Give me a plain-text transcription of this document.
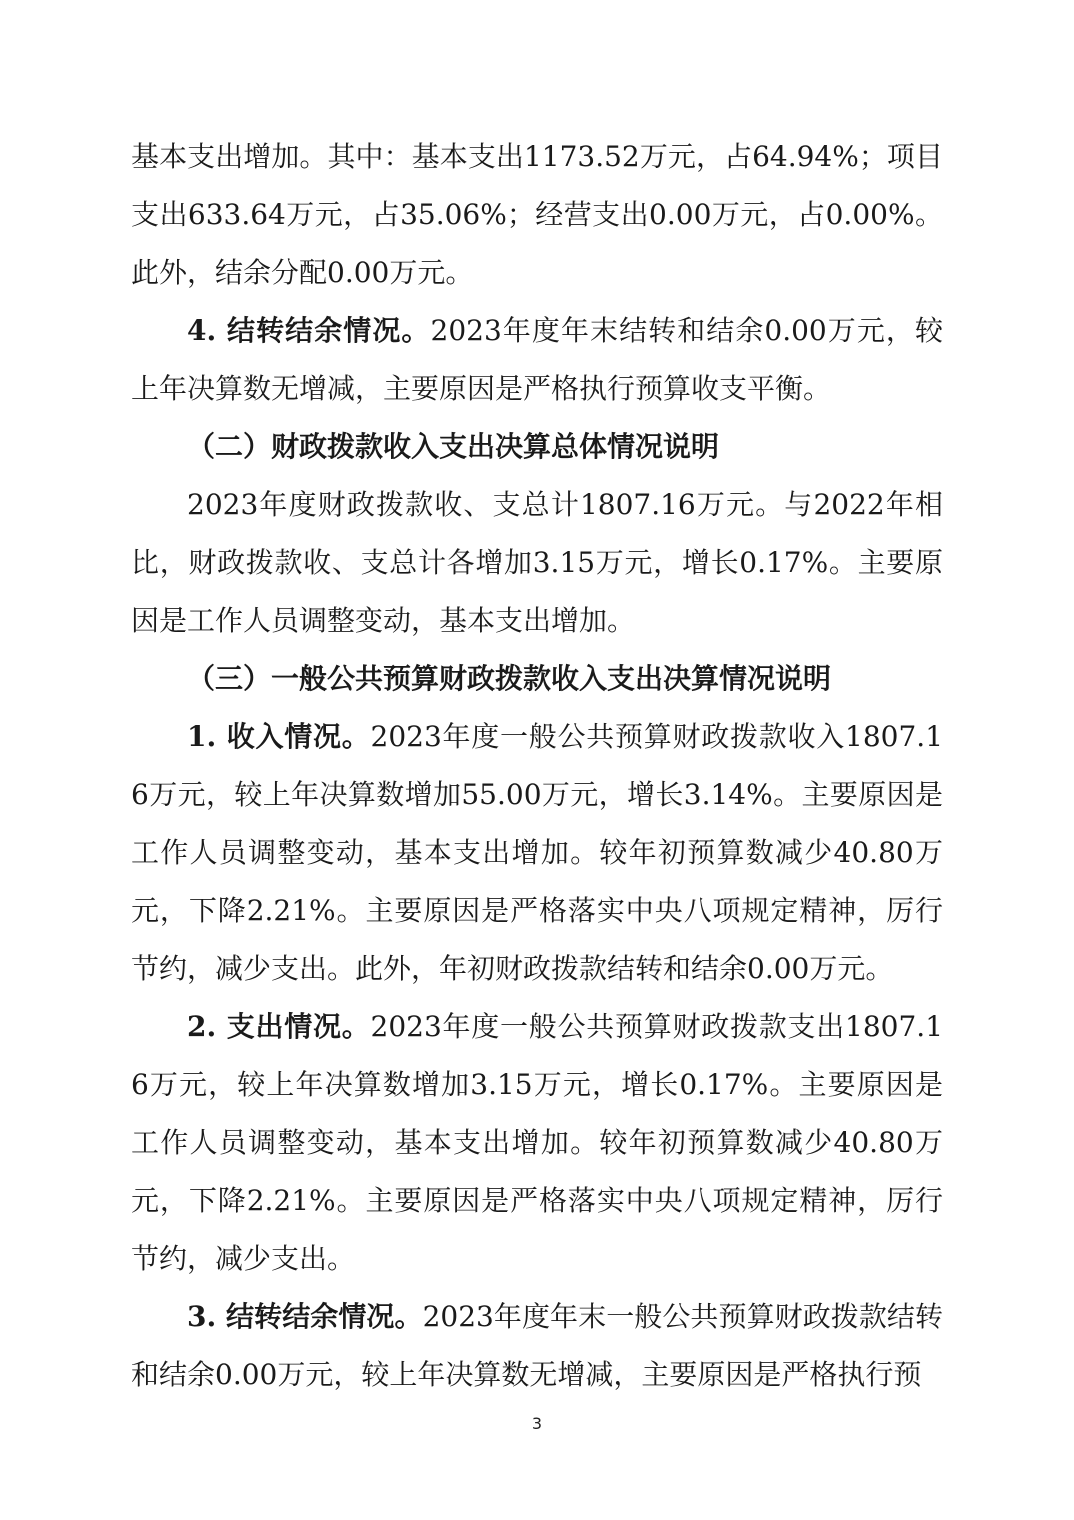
基本支出增加。其中：基本支出1173.52万元，占64.94%；项目支出633.64万元，占35.06%；经营支出0.00万元，占0.00%。此外，结余分配0.00万元。

4. 结转结余情况。2023年度年末结转和结余0.00万元，较上年决算数无增减，主要原因是严格执行预算收支平衡。

（二）财政拨款收入支出决算总体情况说明

2023年度财政拨款收、支总计1807.16万元。与2022年相比，财政拨款收、支总计各增加3.15万元，增长0.17%。主要原因是工作人员调整变动，基本支出增加。

（三）一般公共预算财政拨款收入支出决算情况说明

1. 收入情况。2023年度一般公共预算财政拨款收入1807.16万元，较上年决算数增加55.00万元，增长3.14%。主要原因是工作人员调整变动，基本支出增加。较年初预算数减少40.80万元，下降2.21%。主要原因是严格落实中央八项规定精神，厉行节约，减少支出。此外，年初财政拨款结转和结余0.00万元。

2. 支出情况。2023年度一般公共预算财政拨款支出1807.16万元，较上年决算数增加3.15万元，增长0.17%。主要原因是工作人员调整变动，基本支出增加。较年初预算数减少40.80万元，下降2.21%。主要原因是严格落实中央八项规定精神，厉行节约，减少支出。

3. 结转结余情况。2023年度年末一般公共预算财政拨款结转和结余0.00万元，较上年决算数无增减，主要原因是严格执行预

3
